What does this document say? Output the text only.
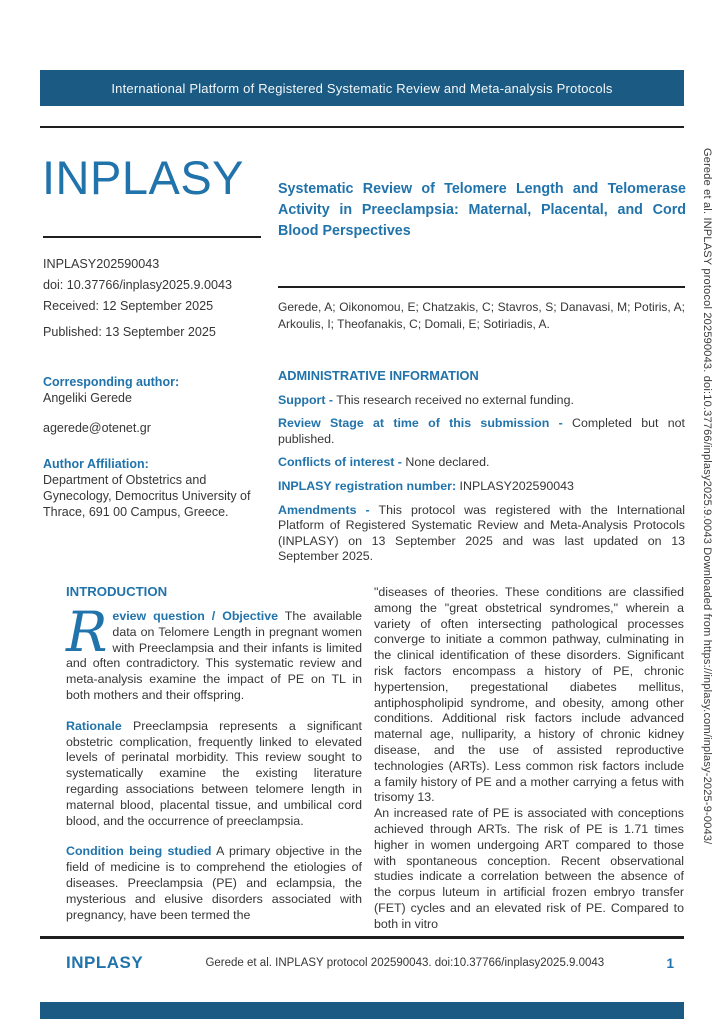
International Platform of Registered Systematic Review and Meta-analysis Protocols
INPLASY
INPLASY202590043
doi: 10.37766/inplasy2025.9.0043
Received: 12 September 2025
Published: 13 September 2025
Systematic Review of Telomere Length and Telomerase Activity in Preeclampsia: Maternal, Placental, and Cord Blood Perspectives
Gerede, A; Oikonomou, E; Chatzakis, C; Stavros, S; Danavasi, M; Potiris, A; Arkoulis, I; Theofanakis, C; Domali, E; Sotiriadis, A.
Corresponding author:
Angeliki Gerede
agerede@otenet.gr
Author Affiliation:
Department of Obstetrics and Gynecology, Democritus University of Thrace, 691 00 Campus, Greece.
ADMINISTRATIVE INFORMATION

Support - This research received no external funding.

Review Stage at time of this submission - Completed but not published.

Conflicts of interest - None declared.

INPLASY registration number: INPLASY202590043

Amendments - This protocol was registered with the International Platform of Registered Systematic Review and Meta-Analysis Protocols (INPLASY) on 13 September 2025 and was last updated on 13 September 2025.

INTRODUCTION

Review question / Objective The available data on Telomere Length in pregnant women with Preeclampsia and their infants is limited and often contradictory. This systematic review and meta-analysis examine the impact of PE on TL in both mothers and their offspring.

Rationale Preeclampsia represents a significant obstetric complication, frequently linked to elevated levels of perinatal morbidity. This review sought to systematically examine the existing literature regarding associations between telomere length in maternal blood, placental tissue, and umbilical cord blood, and the occurrence of preeclampsia.

Condition being studied A primary objective in the field of medicine is to comprehend the etiologies of diseases. Preeclampsia (PE) and eclampsia, the mysterious and elusive disorders associated with pregnancy, have been termed the

"diseases of theories. These conditions are classified among the "great obstetrical syndromes," wherein a variety of often intersecting pathological processes converge to initiate a common pathway, culminating in the clinical identification of these disorders. Significant risk factors encompass a history of PE, chronic hypertension, pregestational diabetes mellitus, antiphospholipid syndrome, and obesity, among other conditions. Additional risk factors include advanced maternal age, nulliparity, a history of chronic kidney disease, and the use of assisted reproductive technologies (ARTs). Less common risk factors include a family history of PE and a mother carrying a fetus with trisomy 13.

An increased rate of PE is associated with conceptions achieved through ARTs. The risk of PE is 1.71 times higher in women undergoing ART compared to those with spontaneous conception. Recent observational studies indicate a correlation between the absence of the corpus luteum in artificial frozen embryo transfer (FET) cycles and an elevated risk of PE. Compared to both in vitro

INPLASY	Gerede et al. INPLASY protocol 202590043. doi:10.37766/inplasy2025.9.0043	1
Gerede et al. INPLASY protocol 202590043. doi:10.37766/inplasy2025.9.0043 Downloaded from https://inplasy.com/inplasy-2025-9-0043/
